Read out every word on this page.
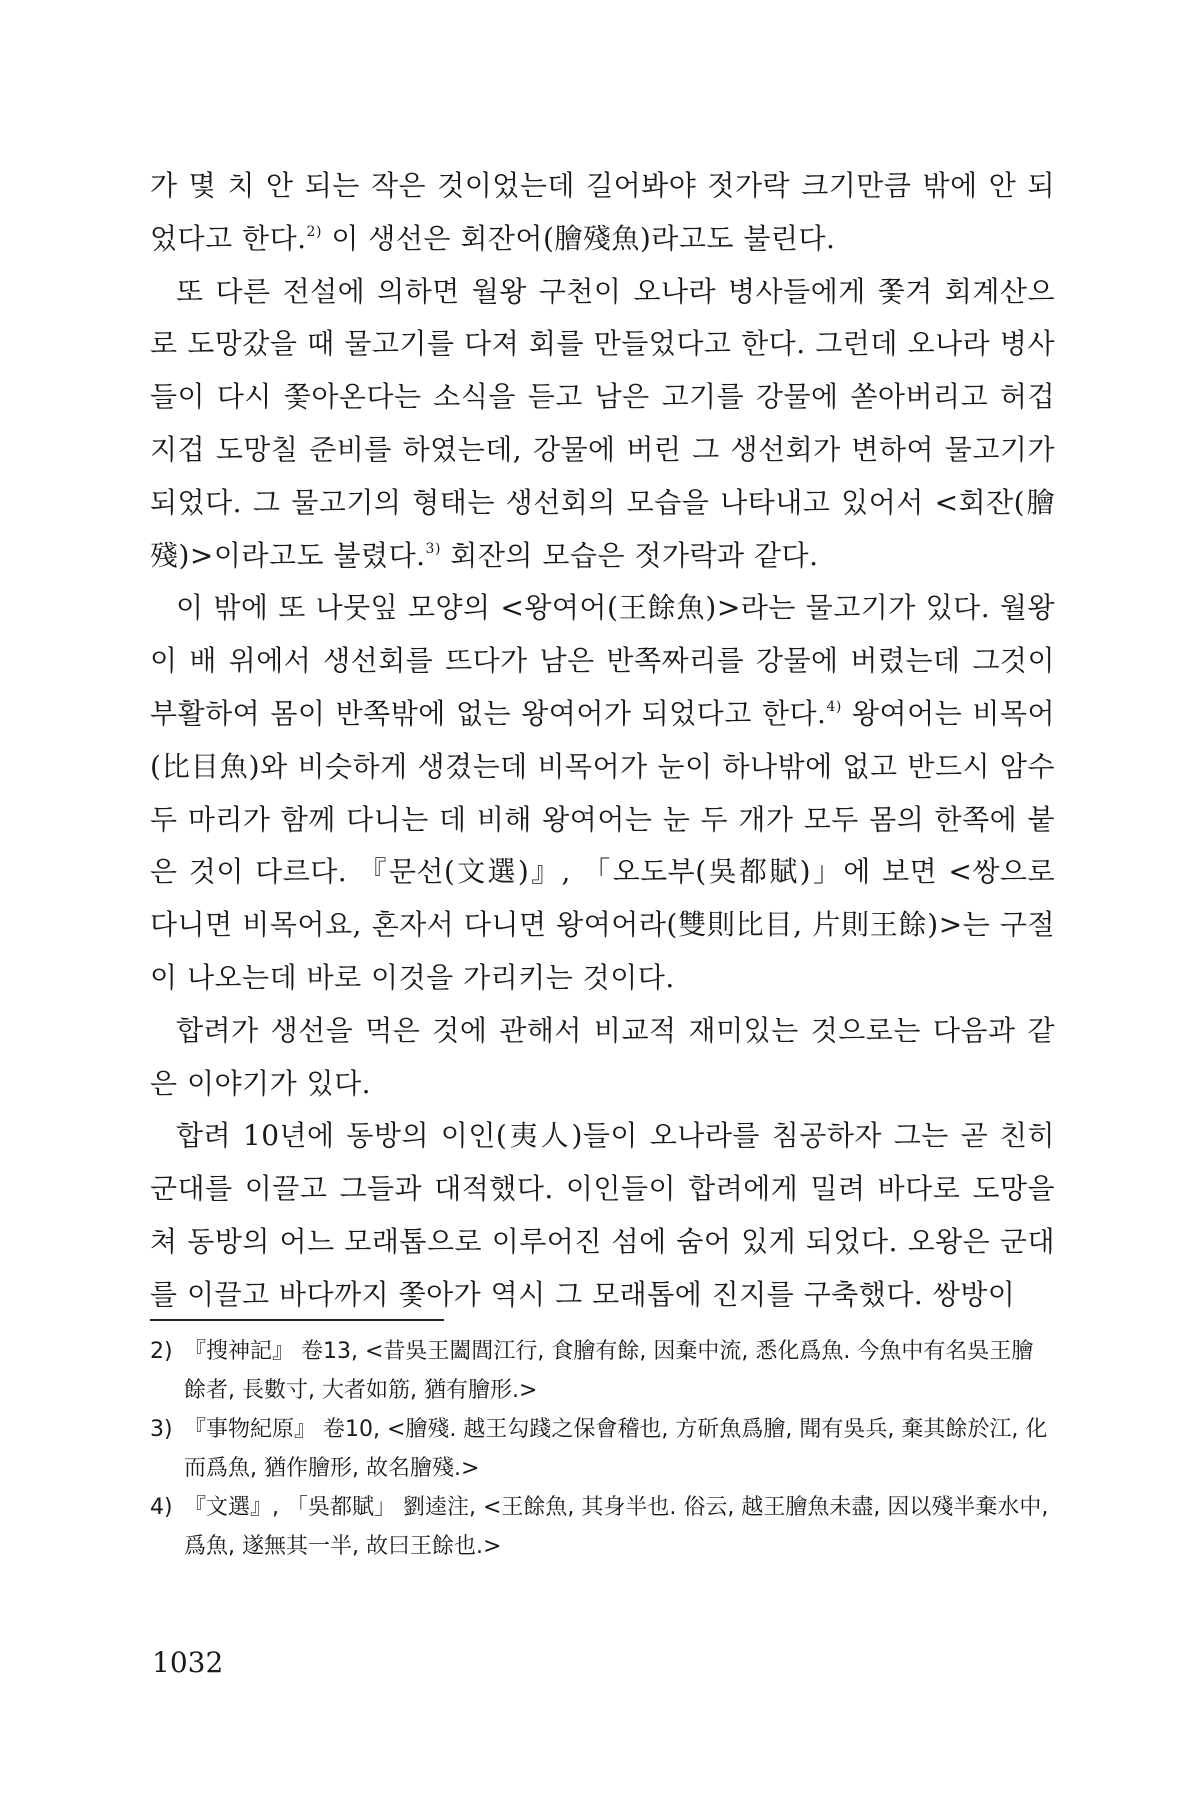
가 몇 치 안 되는 작은 것이었는데 길어봐야 젓가락 크기만큼 밖에 안 되었다고 한다.$^{2)}$ 이 생선은 회잔어(膾殘魚)라고도 불린다.

또 다른 전설에 의하면 월왕 구천이 오나라 병사들에게 쫓겨 회계산으로 도망갔을 때 물고기를 다져 회를 만들었다고 한다. 그런데 오나라 병사들이 다시 쫓아온다는 소식을 듣고 남은 고기를 강물에 쏟아버리고 허겁지겁 도망칠 준비를 하였는데, 강물에 버린 그 생선회가 변하여 물고기가 되었다. 그 물고기의 형태는 생선회의 모습을 나타내고 있어서 <회잔(膾殘)>이라고도 불렸다.$^{3)}$ 회잔의 모습은 젓가락과 같다.

이 밖에 또 나뭇잎 모양의 <왕여어(王餘魚)>라는 물고기가 있다. 월왕이 배 위에서 생선회를 뜨다가 남은 반쪽짜리를 강물에 버렸는데 그것이 부활하여 몸이 반쪽밖에 없는 왕여어가 되었다고 한다.$^{4)}$ 왕여어는 비목어(比目魚)와 비슷하게 생겼는데 비목어가 눈이 하나밖에 없고 반드시 암수 두 마리가 함께 다니는 데 비해 왕여어는 눈 두 개가 모두 몸의 한쪽에 붙은 것이 다르다. 『문선(文選)』, 「오도부(吳都賦)」에 보면 <쌍으로 다니면 비목어요, 혼자서 다니면 왕여어라(雙則比目, 片則王餘)>는 구절이 나오는데 바로 이것을 가리키는 것이다.

합려가 생선을 먹은 것에 관해서 비교적 재미있는 것으로는 다음과 같은 이야기가 있다.

합려 10년에 동방의 이인(夷人)들이 오나라를 침공하자 그는 곧 친히 군대를 이끌고 그들과 대적했다. 이인들이 합려에게 밀려 바다로 도망을 쳐 동방의 어느 모래톱으로 이루어진 섬에 숨어 있게 되었다. 오왕은 군대를 이끌고 바다까지 쫓아가 역시 그 모래톱에 진지를 구축했다. 쌍방이

2) 『搜神記』 卷13, <昔吳王闔閭江行, 食膾有餘, 因棄中流, 悉化爲魚. 今魚中有名吳王膾餘者, 長數寸, 大者如筋, 猶有膾形.>

3) 『事物紀原』 卷10, <膾殘. 越王勾踐之保會稽也, 方斫魚爲膾, 聞有吳兵, 棄其餘於江, 化而爲魚, 猶作膾形, 故名膾殘.>

4) 『文選』, 「吳都賦」 劉逵注, <王餘魚, 其身半也. 俗云, 越王膾魚未盡, 因以殘半棄水中, 爲魚, 遂無其一半, 故曰王餘也.>

1032
